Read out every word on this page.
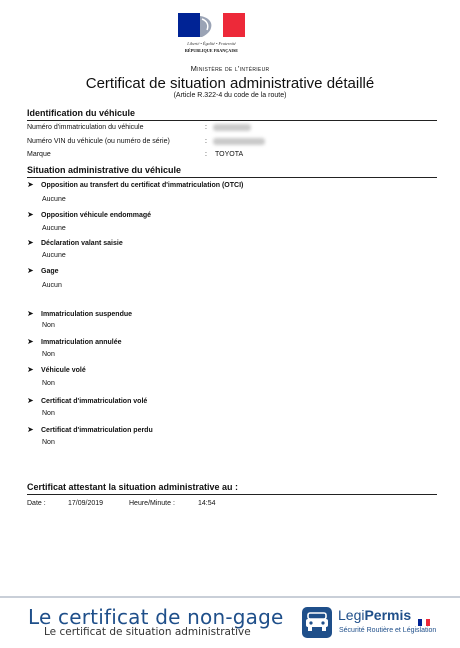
Liberté • Égalité • Fraternité
RÉPUBLIQUE FRANÇAISE
Ministère de l'intérieur
Certificat de situation administrative détaillé
(Article R.322-4 du code de la route)
Identification du véhicule
Numéro d'immatriculation du véhicule	:
Numéro VIN du véhicule (ou numéro de série)	:
Marque	: TOYOTA
Situation administrative du véhicule
➤ Opposition au transfert du certificat d'immatriculation (OTCI)
Aucune
➤ Opposition véhicule endommagé
Aucune
➤ Déclaration valant saisie
Aucune
➤ Gage
Aucun
➤ Immatriculation suspendue
Non
➤ Immatriculation annulée
Non
➤ Véhicule volé
Non
➤ Certificat d'immatriculation volé
Non
➤ Certificat d'immatriculation perdu
Non
Certificat attestant la situation administrative au :
Date :	17/09/2019	Heure/Minute :	14:54
Le certificat de non-gage
Le certificat de situation administrative
LegiPermis
Sécurité Routière et Législation
